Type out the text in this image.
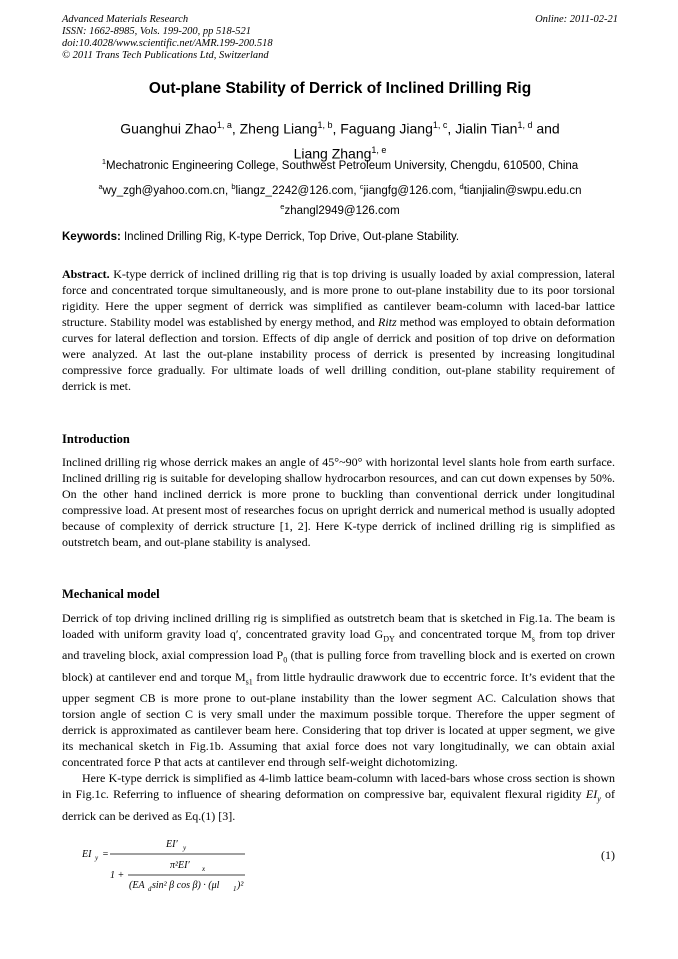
Advanced Materials Research
ISSN: 1662-8985, Vols. 199-200, pp 518-521
doi:10.4028/www.scientific.net/AMR.199-200.518
© 2011 Trans Tech Publications Ltd, Switzerland
Online: 2011-02-21
Out-plane Stability of Derrick of Inclined Drilling Rig
Guanghui Zhao$^{1, a}$, Zheng Liang$^{1, b}$, Faguang Jiang$^{1, c}$, Jialin Tian$^{1, d}$ and
Liang Zhang$^{1, e}$
$^1$Mechatronic Engineering College, Southwest Petroleum University, Chengdu, 610500, China
$^a$wy_zgh@yahoo.com.cn, $^b$liangz_2242@126.com, $^c$jiangfg@126.com, $^d$tianjialin@swpu.edu.cn
$^e$zhangl2949@126.com
Keywords: Inclined Drilling Rig, K-type Derrick, Top Drive, Out-plane Stability.

Abstract. K-type derrick of inclined drilling rig that is top driving is usually loaded by axial compression, lateral force and concentrated torque simultaneously, and is more prone to out-plane instability due to its poor torsional rigidity. Here the upper segment of derrick was simplified as cantilever beam-column with laced-bar lattice structure. Stability model was established by energy method, and Ritz method was employed to obtain deformation curves for lateral deflection and torsion. Effects of dip angle of derrick and position of top drive on deformation were analyzed. At last the out-plane instability process of derrick is presented by increasing longitudinal compressive force gradually. For ultimate loads of well drilling condition, out-plane stability requirement of derrick is met.

Introduction

Inclined drilling rig whose derrick makes an angle of 45°~90° with horizontal level slants hole from earth surface. Inclined drilling rig is suitable for developing shallow hydrocarbon resources, and can cut down expenses by 50%. On the other hand inclined derrick is more prone to buckling than conventional derrick under longitudinal compressive load. At present most of researches focus on upright derrick and numerical method is usually adopted because of complexity of derrick structure [1, 2]. Here K-type derrick of inclined drilling rig is simplified as outstretch beam, and out-plane stability is analysed.

Mechanical model

Derrick of top driving inclined drilling rig is simplified as outstretch beam that is sketched in Fig.1a. The beam is loaded with uniform gravity load q′, concentrated gravity load $G_{DY}$ and concentrated torque $M_s$ from top driver and traveling block, axial compression load $P_0$ (that is pulling force from travelling block and is exerted on crown block) at cantilever end and torque $M_{s1}$ from little hydraulic drawwork due to eccentric force. It’s evident that the upper segment CB is more prone to out-plane instability than the lower segment AC. Calculation shows that torsion angle of section C is very small under the maximum possible torque. Therefore the upper segment of derrick is approximated as cantilever beam here. Considering that top driver is located at upper segment, we give its mechanical sketch in Fig.1b. Assuming that axial force does not vary longitudinally, we can obtain axial concentrated force P that acts at cantilever end through self-weight dichotomizing.

Here K-type derrick is simplified as 4-limb lattice beam-column with laced-bars whose cross section is shown in Fig.1c. Referring to influence of shearing deformation on compressive bar, equivalent flexural rigidity $EI_y$ of derrick can be derived as Eq.(1) [3].

EI y =
EI′ y
1 +
π²EI′ x
(EA d sin² β cos β) · (μl 1 )²
(1)
